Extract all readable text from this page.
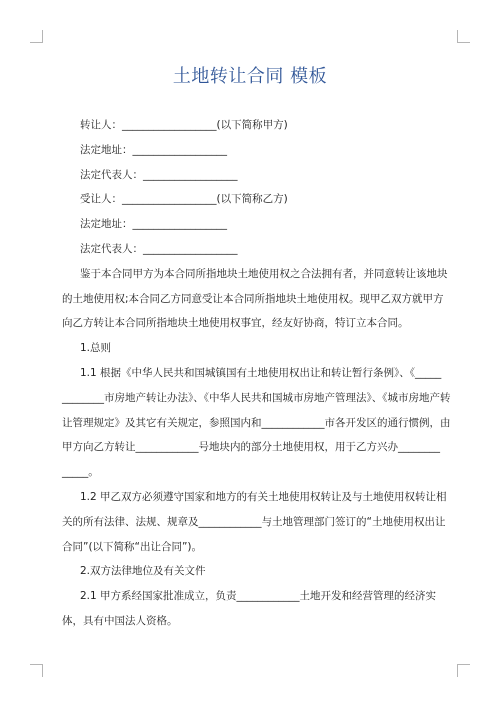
土地转让合同 模板
转让人：__________________(以下简称甲方)
法定地址：__________________
法定代表人：__________________
受让人：__________________(以下简称乙方)
法定地址：__________________
法定代表人：__________________

鉴于本合同甲方为本合同所指地块土地使用权之合法拥有者，并同意转让该地块的土地使用权;本合同乙方同意受让本合同所指地块土地使用权。现甲乙双方就甲方向乙方转让本合同所指地块土地使用权事宜，经友好协商，特订立本合同。

1.总则

1.1 根据《中华人民共和国城镇国有土地使用权出让和转让暂行条例》、《_____ ________市房地产转让办法》、《中华人民共和国城市房地产管理法》、《城市房地产转让管理规定》及其它有关规定，参照国内和____________市各开发区的通行惯例，由甲方向乙方转让____________号地块内的部分土地使用权，用于乙方兴办________ _____。

1.2 甲乙双方必须遵守国家和地方的有关土地使用权转让及与土地使用权转让相关的所有法律、法规、规章及____________与土地管理部门签订的“土地使用权出让合同”(以下简称“出让合同”)。

2.双方法律地位及有关文件

2.1 甲方系经国家批准成立，负责____________土地开发和经营管理的经济实体，具有中国法人资格。
